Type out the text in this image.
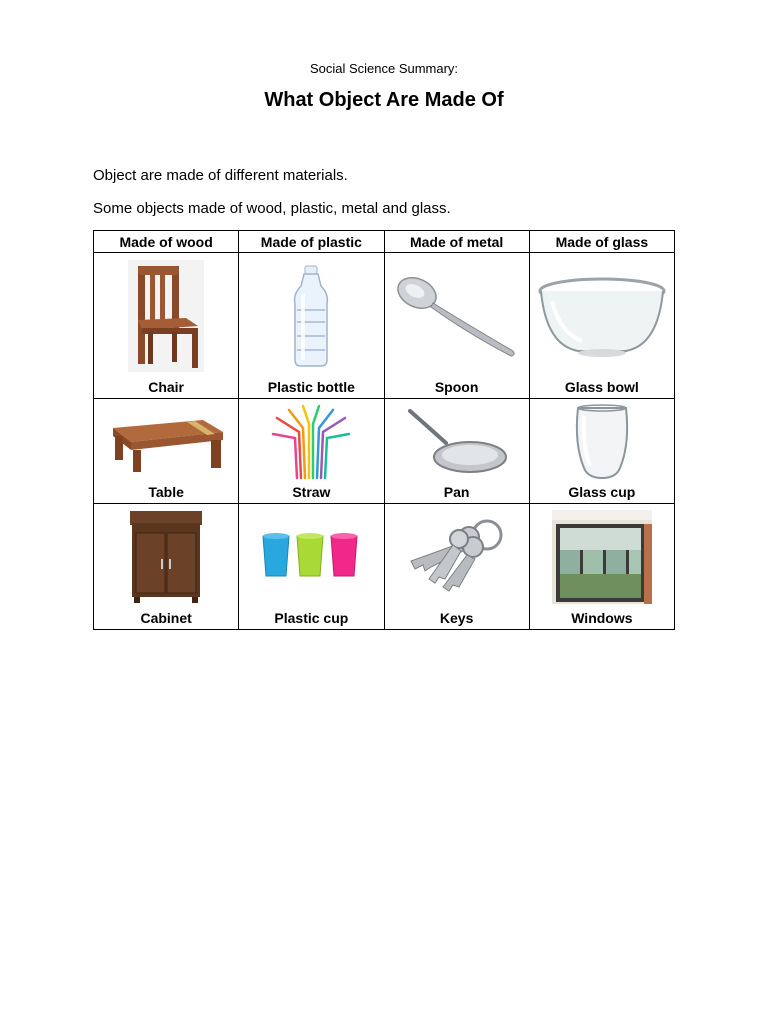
Social Science Summary:
What Object Are Made Of
Object are made of different materials.
Some objects made of wood, plastic, metal and glass.
Made of wood	Made of plastic	Made of metal	Made of glass

Chair	Plastic bottle	Spoon	Glass bowl

Table	Straw	Pan	Glass cup

Cabinet	Plastic cup	Keys	Windows
